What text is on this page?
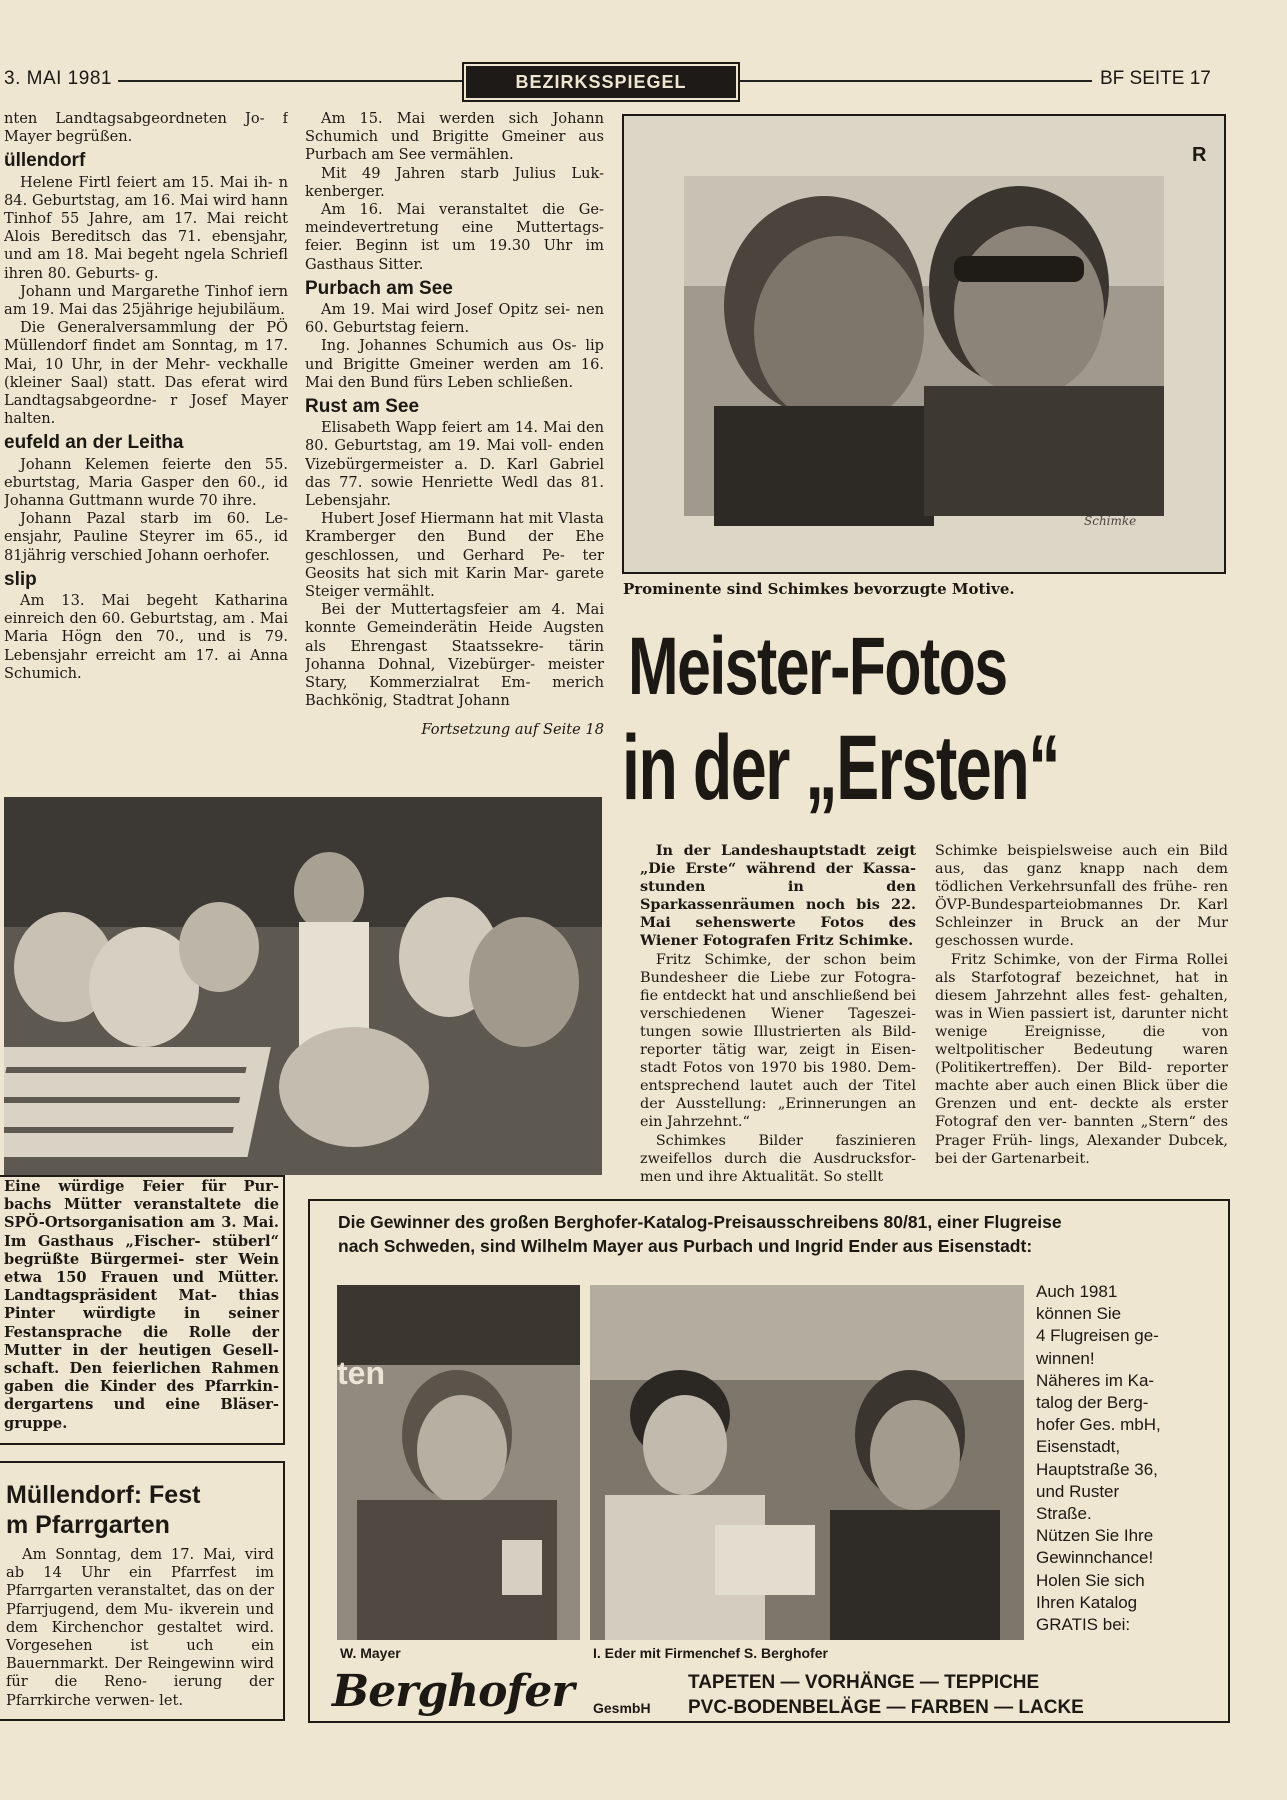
3. MAI 1981	BEZIRKSSPIEGEL	BF SEITE 17

nten Landtagsabgeordneten Jo- f Mayer begrüßen.

üllendorf

Helene Firtl feiert am 15. Mai ih- n 84. Geburtstag, am 16. Mai wird hann Tinhof 55 Jahre, am 17. Mai reicht Alois Bereditsch das 71. ebensjahr, und am 18. Mai begeht ngela Schriefl ihren 80. Geburts- g.

Johann und Margarethe Tinhof iern am 19. Mai das 25jährige hejubiläum.

Die Generalversammlung der PÖ Müllendorf findet am Sonntag, m 17. Mai, 10 Uhr, in der Mehr- veckhalle (kleiner Saal) statt. Das eferat wird Landtagsabgeordne- r Josef Mayer halten.

eufeld an der Leitha

Johann Kelemen feierte den 55. eburtstag, Maria Gasper den 60., id Johanna Guttmann wurde 70 ihre.

Johann Pazal starb im 60. Le- ensjahr, Pauline Steyrer im 65., id 81jährig verschied Johann oerhofer.

slip

Am 13. Mai begeht Katharina einreich den 60. Geburtstag, am . Mai Maria Högn den 70., und is 79. Lebensjahr erreicht am 17. ai Anna Schumich.

Am 15. Mai werden sich Johann Schumich und Brigitte Gmeiner aus Purbach am See vermählen.

Mit 49 Jahren starb Julius Luk- kenberger.

Am 16. Mai veranstaltet die Ge- meindevertretung eine Muttertags- feier. Beginn ist um 19.30 Uhr im Gasthaus Sitter.

Purbach am See

Am 19. Mai wird Josef Opitz sei- nen 60. Geburtstag feiern.

Ing. Johannes Schumich aus Os- lip und Brigitte Gmeiner werden am 16. Mai den Bund fürs Leben schließen.

Rust am See

Elisabeth Wapp feiert am 14. Mai den 80. Geburtstag, am 19. Mai voll- enden Vizebürgermeister a. D. Karl Gabriel das 77. sowie Henriette Wedl das 81. Lebensjahr.

Hubert Josef Hiermann hat mit Vlasta Kramberger den Bund der Ehe geschlossen, und Gerhard Pe- ter Geosits hat sich mit Karin Mar- garete Steiger vermählt.

Bei der Muttertagsfeier am 4. Mai konnte Gemeinderätin Heide Augsten als Ehrengast Staatssekre- tärin Johanna Dohnal, Vizebürger- meister Stary, Kommerzialrat Em- merich Bachkönig, Stadtrat Johann

Fortsetzung auf Seite 18
R
Schimke
Prominente sind Schimkes bevorzugte Motive.
Meister-Fotos
in der „Ersten“

In der Landeshauptstadt zeigt „Die Erste“ während der Kassa- stunden in den Sparkassenräumen noch bis 22. Mai sehenswerte Fotos des Wiener Fotografen Fritz Schimke.

Fritz Schimke, der schon beim Bundesheer die Liebe zur Fotogra- fie entdeckt hat und anschließend bei verschiedenen Wiener Tageszei- tungen sowie Illustrierten als Bild- reporter tätig war, zeigt in Eisen- stadt Fotos von 1970 bis 1980. Dem- entsprechend lautet auch der Titel der Ausstellung: „Erinnerungen an ein Jahrzehnt.“

Schimkes Bilder faszinieren zweifellos durch die Ausdrucksfor- men und ihre Aktualität. So stellt

Schimke beispielsweise auch ein Bild aus, das ganz knapp nach dem tödlichen Verkehrsunfall des frühe- ren ÖVP-Bundesparteiobmannes Dr. Karl Schleinzer in Bruck an der Mur geschossen wurde.

Fritz Schimke, von der Firma Rollei als Starfotograf bezeichnet, hat in diesem Jahrzehnt alles fest- gehalten, was in Wien passiert ist, darunter nicht wenige Ereignisse,	die von weltpolitischer Bedeutung waren (Politikertreffen). Der Bild- reporter machte aber auch einen Blick über die Grenzen und ent- deckte als erster Fotograf den ver- bannten „Stern“ des Prager Früh- lings, Alexander Dubcek, bei der Gartenarbeit.

Eine würdige Feier für Pur- bachs Mütter veranstaltete die SPÖ-Ortsorganisation am 3. Mai. Im Gasthaus „Fischer- stüberl“ begrüßte Bürgermei- ster Wein etwa 150 Frauen und Mütter. Landtagspräsident Mat- thias Pinter würdigte in seiner Festansprache die Rolle der Mutter in der heutigen Gesell- schaft. Den feierlichen Rahmen gaben die Kinder des Pfarrkin- dergartens und eine Bläser- gruppe.
Müllendorf: Fest
m Pfarrgarten
Am Sonntag, dem 17. Mai, vird ab 14 Uhr ein Pfarrfest im Pfarrgarten veranstaltet, das on der Pfarrjugend, dem Mu- ikverein und dem Kirchenchor gestaltet wird. Vorgesehen ist	uch ein Bauernmarkt. Der Reingewinn wird für die Reno- ierung der Pfarrkirche verwen- let.
Die Gewinner des großen Berghofer-Katalog-Preisausschreibens 80/81, einer Flugreise
nach Schweden, sind Wilhelm Mayer aus Purbach und Ingrid Ender aus Eisenstadt:
ten
W. Mayer	I. Eder mit Firmenchef S. Berghofer
Auch 1981
können Sie
4 Flugreisen ge-
winnen!
Näheres im Ka-
talog der Berg-
hofer Ges. mbH,
Eisenstadt,
Hauptstraße 36,
und Ruster
Straße.
Nützen Sie Ihre
Gewinnchance!
Holen Sie sich
Ihren Katalog
GRATIS bei:
Berghofer GesmbH
TAPETEN — VORHÄNGE — TEPPICHE
PVC-BODENBELÄGE — FARBEN — LACKE
